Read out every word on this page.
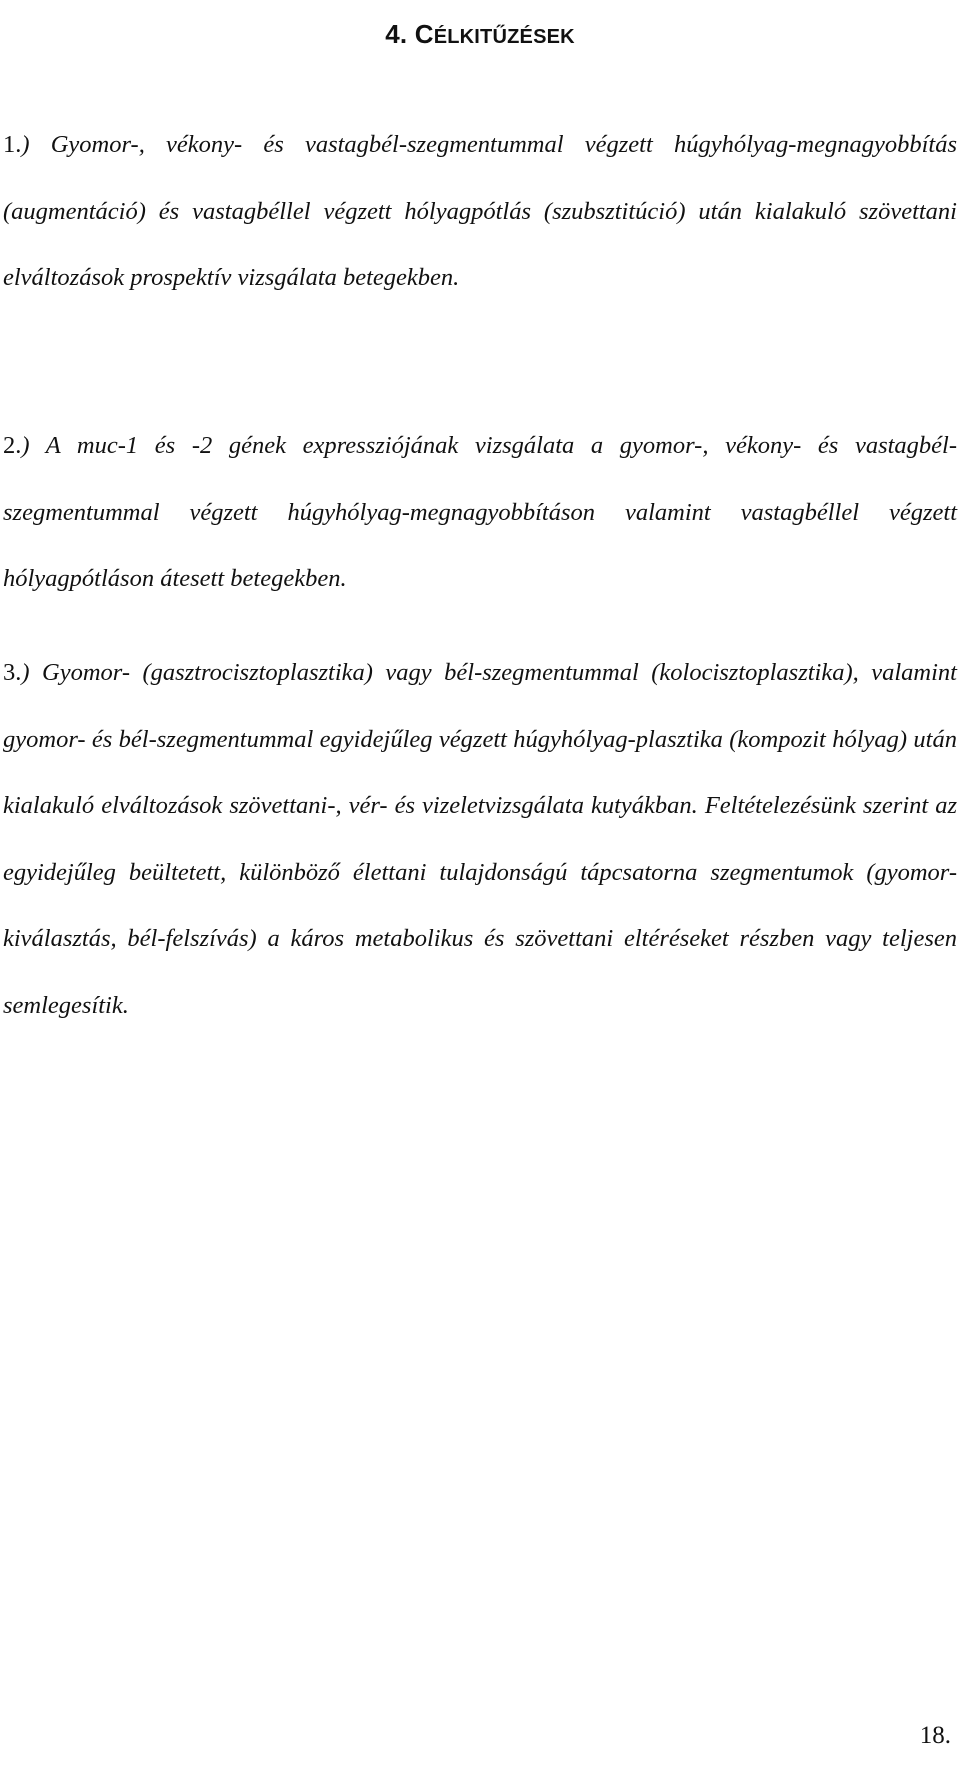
4. CÉLKITŰZÉSEK

1.) Gyomor-, vékony- és vastagbél-szegmentummal végzett húgyhólyag-megnagyobbítás (augmentáció) és vastagbéllel végzett hólyagpótlás (szubsztitúció) után kialakuló szövettani elváltozások prospektív vizsgálata betegekben.

2.) A muc-1 és -2 gének expressziójának vizsgálata a gyomor-, vékony- és vastagbél-szegmentummal végzett húgyhólyag-megnagyobbításon valamint vastagbéllel végzett hólyagpótláson átesett betegekben.

3.) Gyomor- (gasztrocisztoplasztika) vagy bél-szegmentummal (kolocisztoplasztika), valamint gyomor- és bél-szegmentummal egyidejűleg végzett húgyhólyag-plasztika (kompozit hólyag) után kialakuló elváltozások szövettani-, vér- és vizeletvizsgálata kutyákban. Feltételezésünk szerint az egyidejűleg beültetett, különböző élettani tulajdonságú tápcsatorna szegmentumok (gyomor-kiválasztás, bél-felszívás) a káros metabolikus és szövettani eltéréseket részben vagy teljesen semlegesítik.

18.
